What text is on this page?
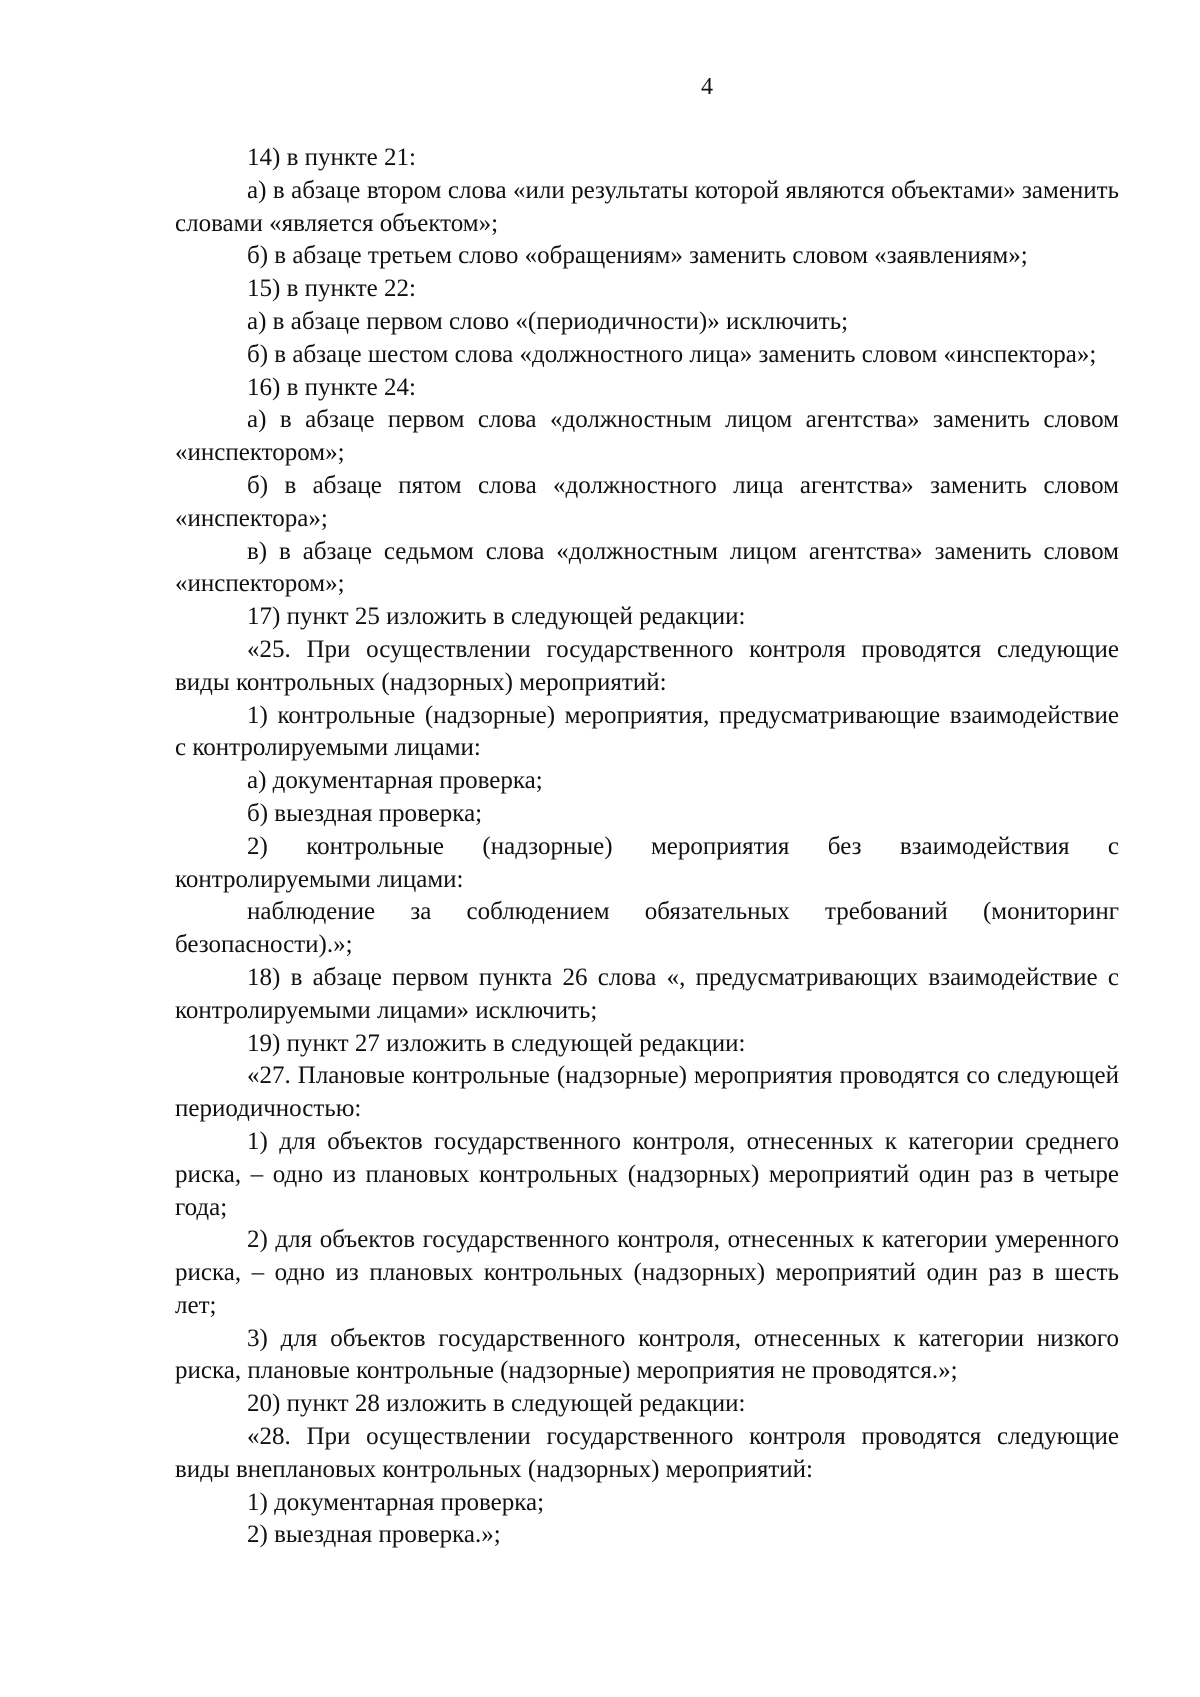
4

14) в пункте 21:

а) в абзаце втором слова «или результаты которой являются объектами» заменить словами «является объектом»;

б) в абзаце третьем слово «обращениям» заменить словом «заявлениям»;

15) в пункте 22:

а) в абзаце первом слово «(периодичности)» исключить;

б) в абзаце шестом слова «должностного лица» заменить словом «инспектора»;

16) в пункте 24:

а) в абзаце первом слова «должностным лицом агентства» заменить словом «инспектором»;

б) в абзаце пятом слова «должностного лица агентства» заменить словом «инспектора»;

в) в абзаце седьмом слова «должностным лицом агентства» заменить словом «инспектором»;

17) пункт 25 изложить в следующей редакции:

«25. При осуществлении государственного контроля проводятся следующие виды контрольных (надзорных) мероприятий:

1) контрольные (надзорные) мероприятия, предусматривающие взаимодействие с контролируемыми лицами:

а) документарная проверка;

б) выездная проверка;

2) контрольные (надзорные) мероприятия без взаимодействия с контролируемыми лицами:

наблюдение за соблюдением обязательных требований (мониторинг безопасности).»;

18) в абзаце первом пункта 26 слова «, предусматривающих взаимодействие с контролируемыми лицами» исключить;

19) пункт 27 изложить в следующей редакции:

«27. Плановые контрольные (надзорные) мероприятия проводятся со следующей периодичностью:

1) для объектов государственного контроля, отнесенных к категории среднего риска, – одно из плановых контрольных (надзорных) мероприятий один раз в четыре года;

2) для объектов государственного контроля, отнесенных к категории умеренного риска, – одно из плановых контрольных (надзорных) мероприятий один раз в шесть лет;

3) для объектов государственного контроля, отнесенных к категории низкого риска, плановые контрольные (надзорные) мероприятия не проводятся.»;

20) пункт 28 изложить в следующей редакции:

«28. При осуществлении государственного контроля проводятся следующие виды внеплановых контрольных (надзорных) мероприятий:

1) документарная проверка;

2) выездная проверка.»;
